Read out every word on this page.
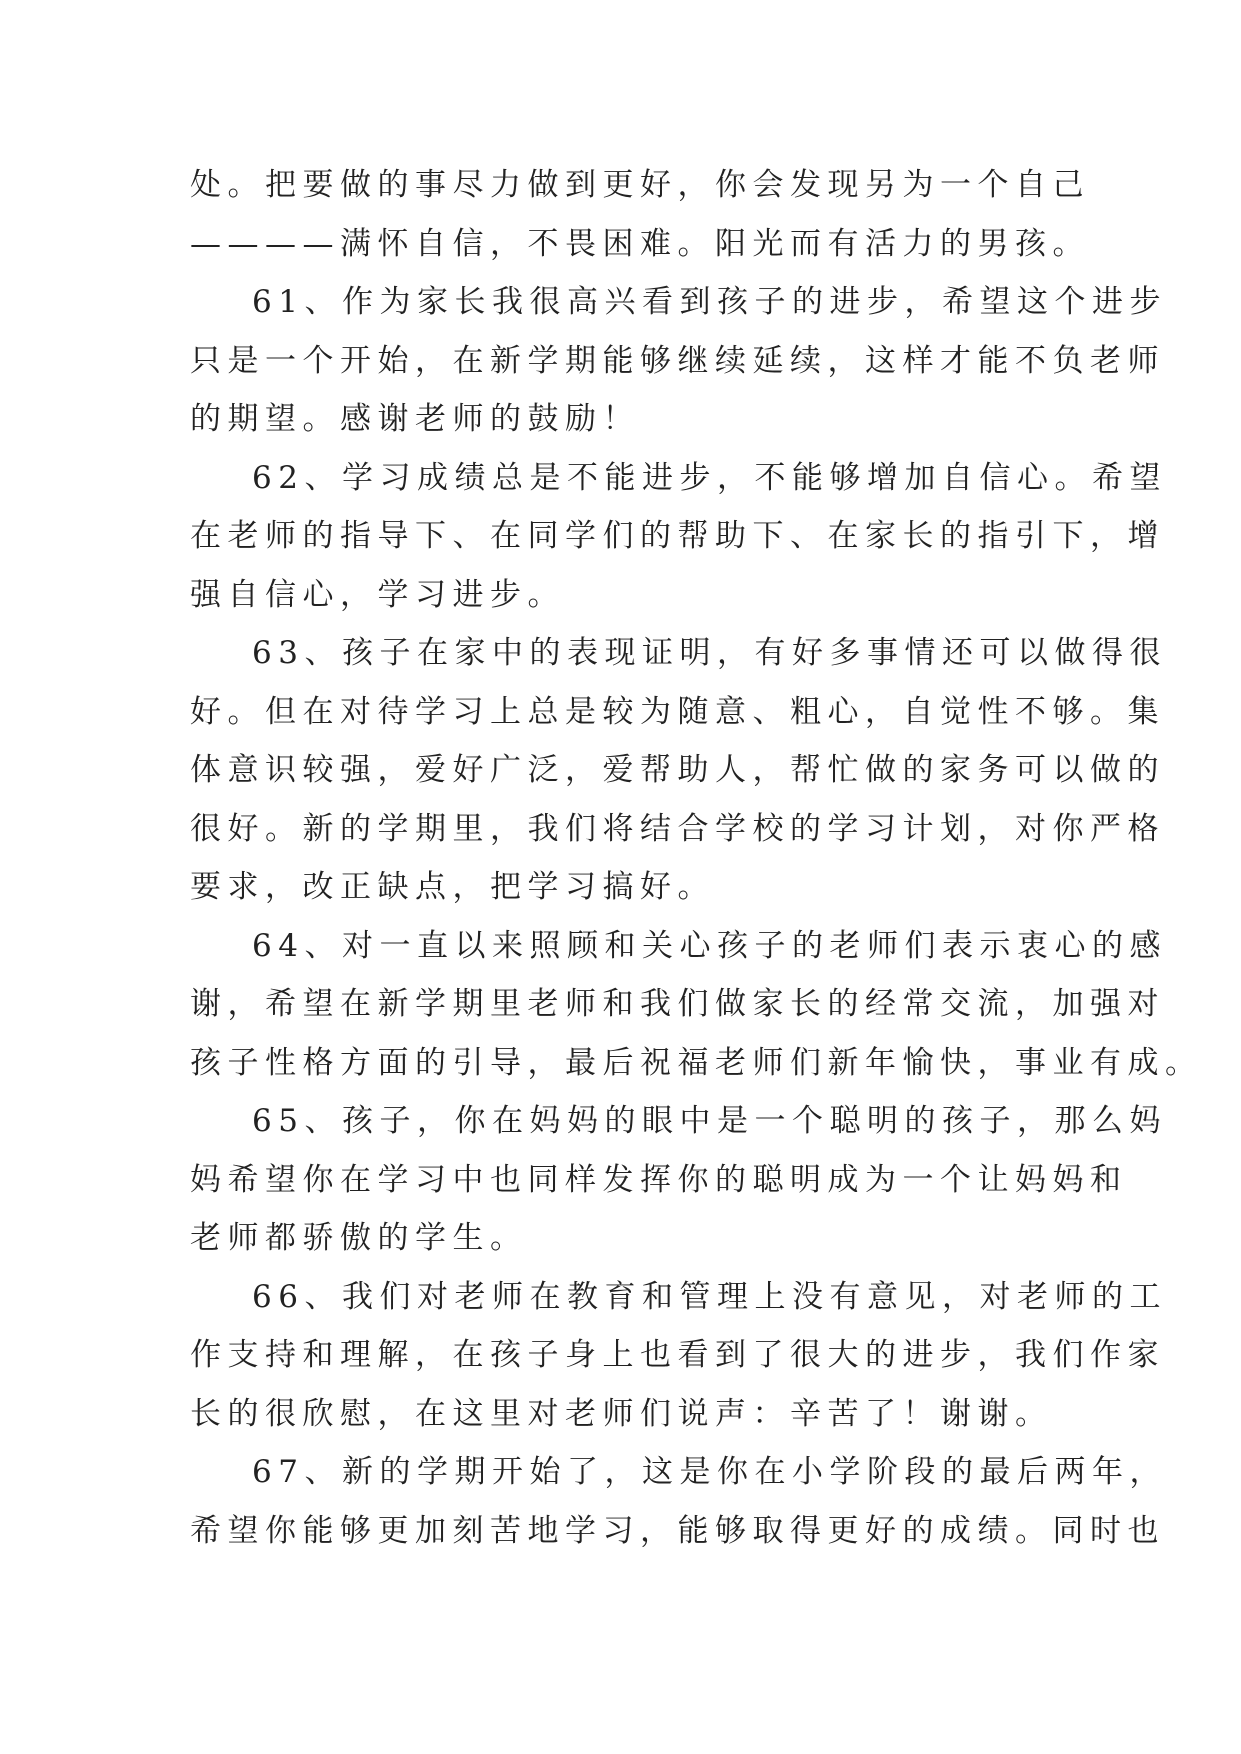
处。把要做的事尽力做到更好，你会发现另为一个自己
————满怀自信，不畏困难。阳光而有活力的男孩。
61、作为家长我很高兴看到孩子的进步，希望这个进步
只是一个开始，在新学期能够继续延续，这样才能不负老师
的期望。感谢老师的鼓励！
62、学习成绩总是不能进步，不能够增加自信心。希望
在老师的指导下、在同学们的帮助下、在家长的指引下，增
强自信心，学习进步。
63、孩子在家中的表现证明，有好多事情还可以做得很
好。但在对待学习上总是较为随意、粗心，自觉性不够。集
体意识较强，爱好广泛，爱帮助人，帮忙做的家务可以做的
很好。新的学期里，我们将结合学校的学习计划，对你严格
要求，改正缺点，把学习搞好。
64、对一直以来照顾和关心孩子的老师们表示衷心的感
谢，希望在新学期里老师和我们做家长的经常交流，加强对
孩子性格方面的引导，最后祝福老师们新年愉快，事业有成。
65、孩子，你在妈妈的眼中是一个聪明的孩子，那么妈
妈希望你在学习中也同样发挥你的聪明成为一个让妈妈和
老师都骄傲的学生。
66、我们对老师在教育和管理上没有意见，对老师的工
作支持和理解，在孩子身上也看到了很大的进步，我们作家
长的很欣慰，在这里对老师们说声：辛苦了！谢谢。
67、新的学期开始了，这是你在小学阶段的最后两年，
希望你能够更加刻苦地学习，能够取得更好的成绩。同时也
